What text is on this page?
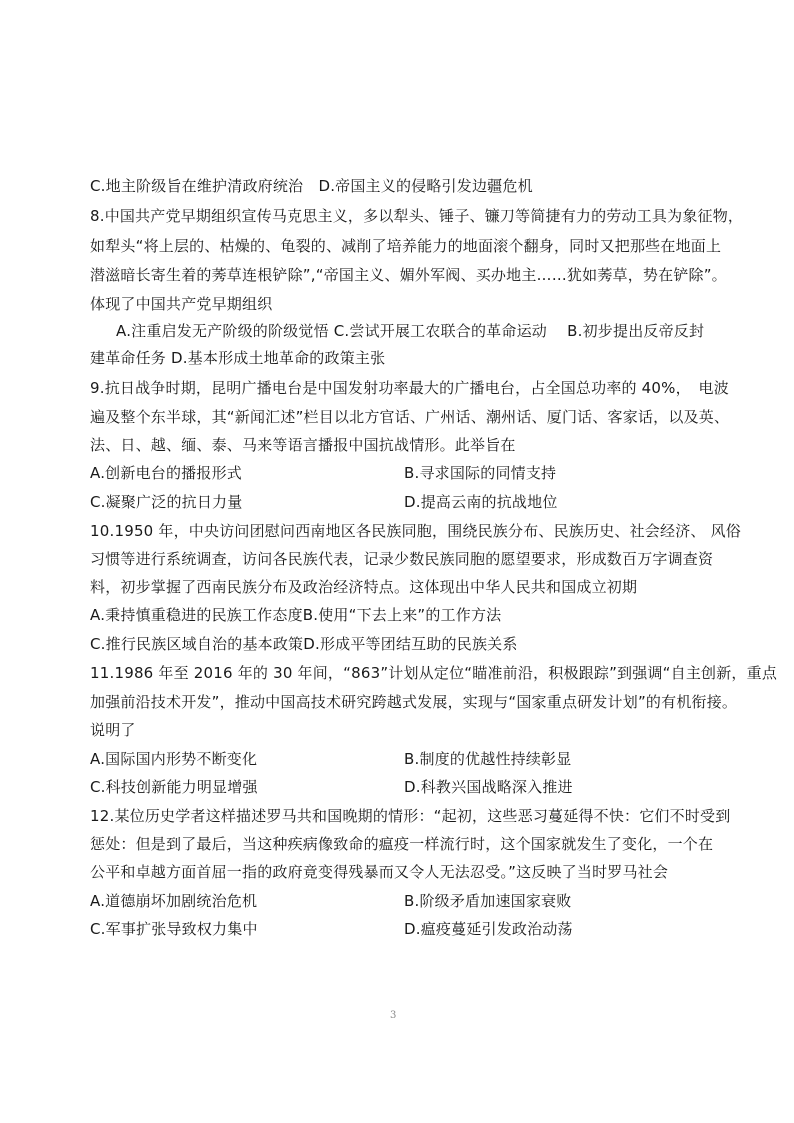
C.地主阶级旨在维护清政府统治　D.帝国主义的侵略引发边疆危机
8.中国共产党早期组织宣传马克思主义，多以犁头、锤子、镰刀等简捷有力的劳动工具为象征物，
如犁头“将上层的、枯燥的、龟裂的、减削了培养能力的地面滚个翻身，同时又把那些在地面上
潜滋暗长寄生着的莠草连根铲除”,“帝国主义、媚外军阀、买办地主……犹如莠草，势在铲除”。
体现了中国共产党早期组织
A.注重启发无产阶级的阶级觉悟 C.尝试开展工农联合的革命运动　 B.初步提出反帝反封
建革命任务 D.基本形成土地革命的政策主张
9.抗日战争时期，昆明广播电台是中国发射功率最大的广播电台，占全国总功率的 40%，　电波
遍及整个东半球，其“新闻汇述”栏目以北方官话、广州话、潮州话、厦门话、客家话，以及英、
法、日、越、缅、泰、马来等语言播报中国抗战情形。此举旨在
A.创新电台的播报形式	B.寻求国际的同情支持
C.凝聚广泛的抗日力量	D.提高云南的抗战地位
10.1950 年，中央访问团慰问西南地区各民族同胞，围绕民族分布、民族历史、社会经济、 风俗
习惯等进行系统调查，访问各民族代表，记录少数民族同胞的愿望要求，形成数百万字调查资
料，初步掌握了西南民族分布及政治经济特点。这体现出中华人民共和国成立初期
A.秉持慎重稳进的民族工作态度B.使用“下去上来”的工作方法
C.推行民族区域自治的基本政策D.形成平等团结互助的民族关系
11.1986 年至 2016 年的 30 年间，“863”计划从定位“瞄准前沿，积极跟踪”到强调“自主创新，重点
加强前沿技术开发”，推动中国高技术研究跨越式发展，实现与“国家重点研发计划”的有机衔接。
说明了
A.国际国内形势不断变化	B.制度的优越性持续彰显
C.科技创新能力明显增强	D.科教兴国战略深入推进
12.某位历史学者这样描述罗马共和国晚期的情形：“起初，这些恶习蔓延得不快：它们不时受到
惩处：但是到了最后，当这种疾病像致命的瘟疫一样流行时，这个国家就发生了变化，一个在
公平和卓越方面首屈一指的政府竟变得残暴而又令人无法忍受。”这反映了当时罗马社会
A.道德崩坏加剧统治危机	B.阶级矛盾加速国家衰败
C.军事扩张导致权力集中	D.瘟疫蔓延引发政治动荡
3
